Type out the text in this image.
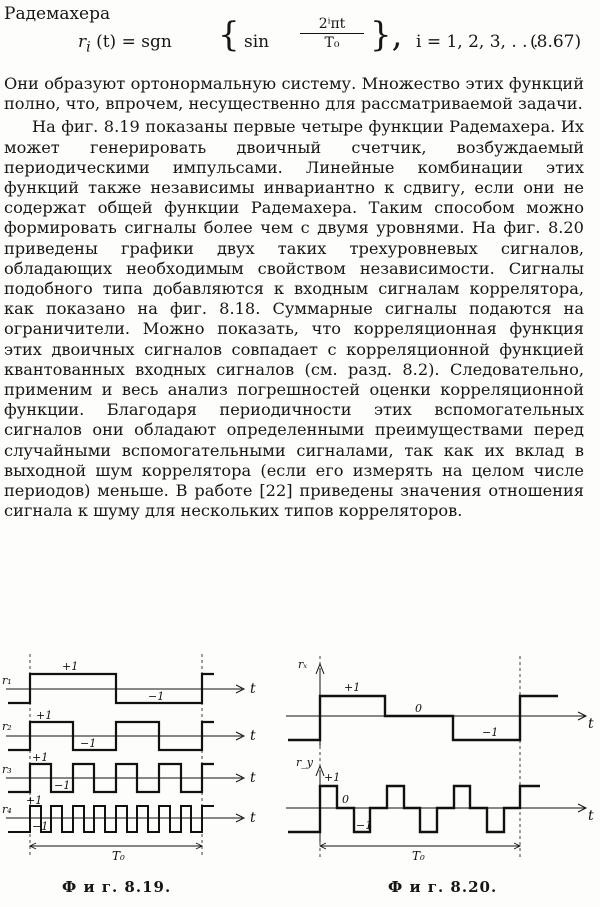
Радемахера
$r_i$ (t) = sgn { sin
2ⁱπt
T₀ }, i = 1, 2, 3, . . .
(8.67)

Они образуют ортонормальную систему. Множество этих функций полно, что, впрочем, несущественно для рассматриваемой задачи.

На фиг. 8.19 показаны первые четыре функции Радемахера. Их может генерировать двоичный счетчик, возбуждаемый периодическими импульсами. Линейные комбинации этих функций также независимы инвариантно к сдвигу, если они не содержат общей функции Радемахера. Таким способом можно формировать сигналы более чем с двумя уровнями. На фиг. 8.20 приведены графики двух таких трехуровневых сигналов, обладающих необходимым свойством независимости. Сигналы подобного типа добавляются к входным сигналам коррелятора, как показано на фиг. 8.18. Суммарные сигналы подаются на ограничители. Можно показать, что корреляционная функция этих двоичных сигналов совпадает с корреляционной функцией квантованных входных сигналов (см. разд. 8.2). Следовательно, применим и весь анализ погрешностей оценки корреляционной функции. Благодаря периодичности этих вспомогательных сигналов они обладают определенными преимуществами перед случайными вспомогательными сигналами, так как их вклад в выходной шум коррелятора (если его измерять на целом числе периодов) меньше. В работе [22] приведены значения отношения сигнала к шуму для нескольких типов корреляторов.

r₁
r₂
r₃
r₄
+1
−1
+1
−1
+1
−1
+1
−1
t
t
t
t
T₀
Ф и г. 8.19.
rₓ
r_y
+1
0
−1
+1
0
−1
t
t
T₀
Ф и г. 8.20.
